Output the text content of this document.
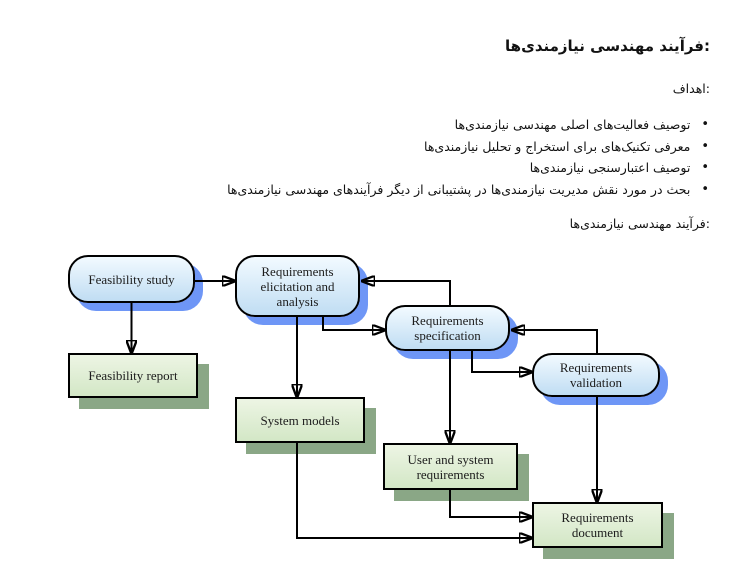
فرآیند مهندسی نیازمندی‌ها:
اهداف:
توصیف فعالیت‌های اصلی مهندسی نیازمندی‌ها •
معرفی تکنیک‌های برای استخراج و تحلیل نیازمندی‌ها •
توصیف اعتبارسنجی نیازمندی‌ها •
بحث در مورد نقش مدیریت نیازمندی‌ها در پشتیبانی از دیگر فرآیندهای مهندسی نیازمندی‌ها •
فرآیند مهندسی نیازمندی‌ها:
Feasibility study
Requirements elicitation and analysis
Requirements specification
Requirements validation
Feasibility report
System models
User and system requirements
Requirements document
